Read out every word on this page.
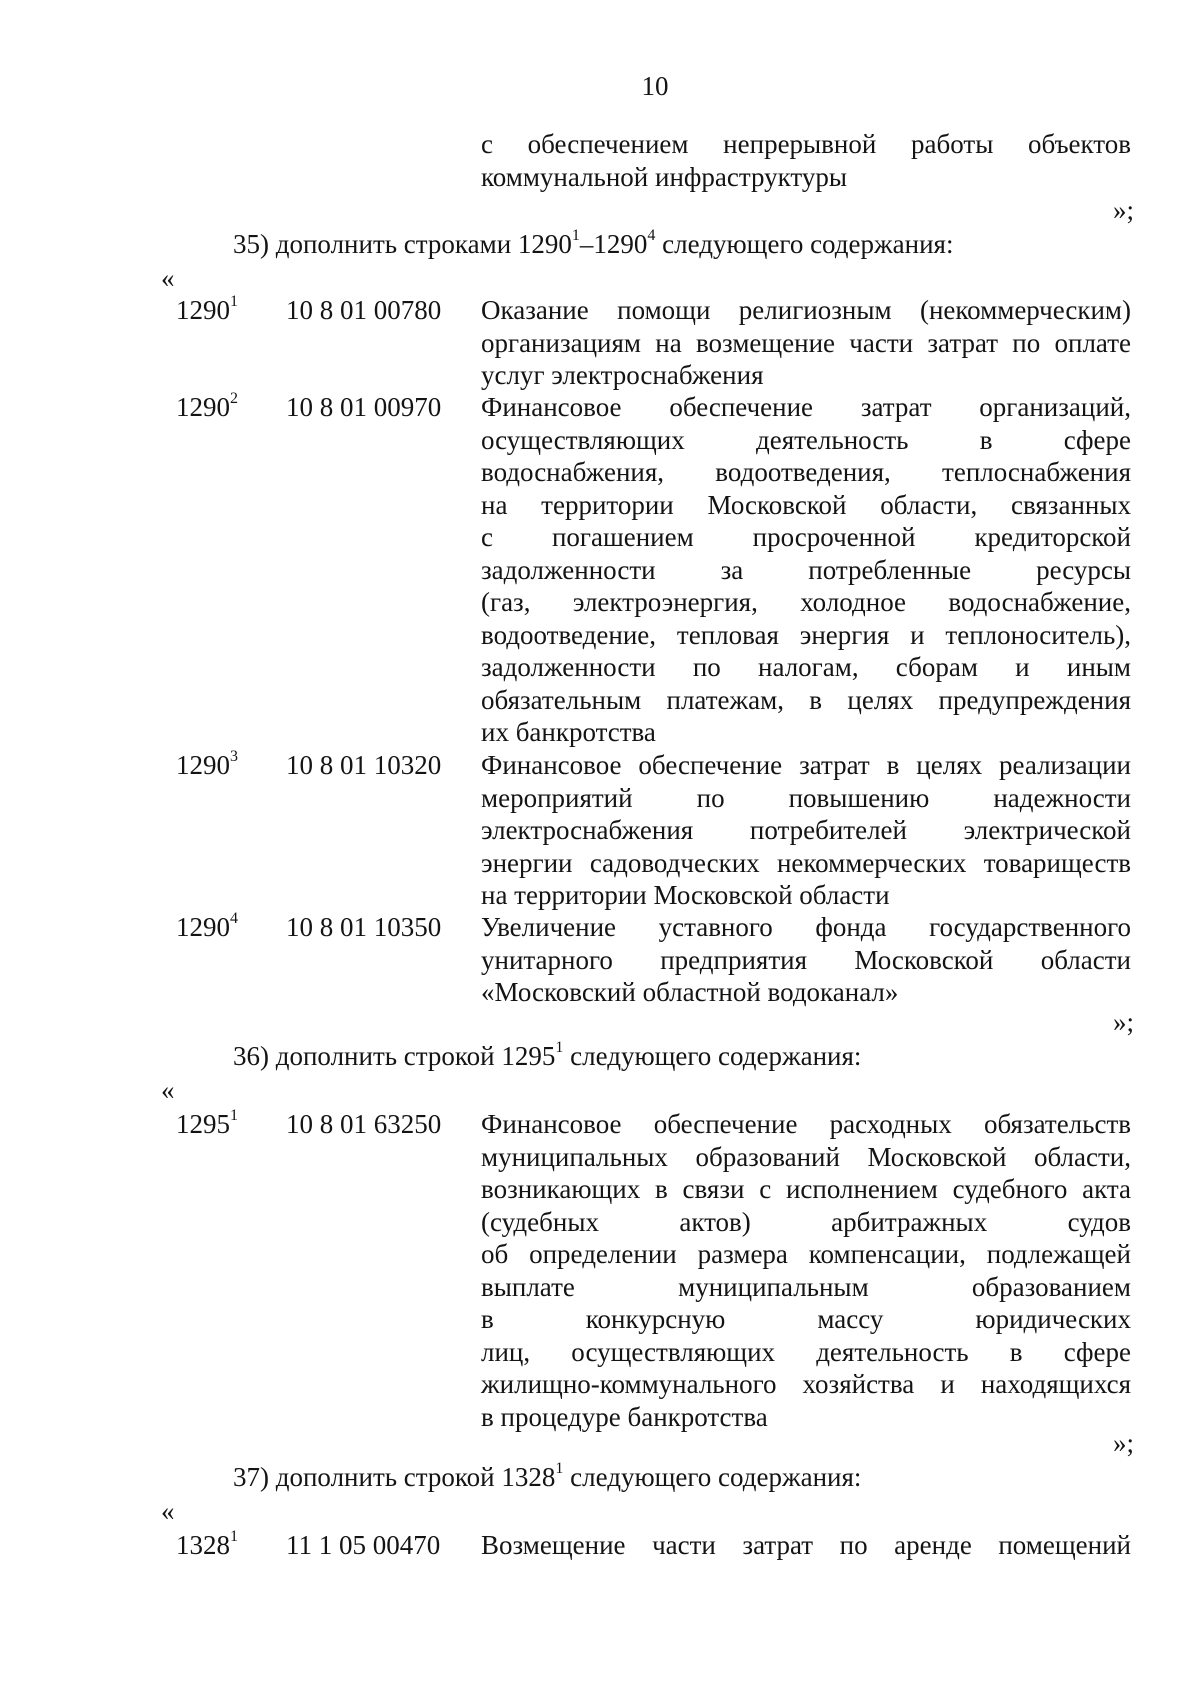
10
с обеспечением непрерывной работы объектов
коммунальной инфраструктуры
»;
35) дополнить строками 1290$^1$–1290$^4$ следующего содержания:
«
1290$^1$	10 8 01 00780	Оказание помощи религиозным (некоммерческим)
организациям на возмещение части затрат по оплате
услуг электроснабжения
1290$^2$	10 8 01 00970	Финансовое обеспечение затрат организаций,
осуществляющих деятельность в сфере
водоснабжения, водоотведения, теплоснабжения
на территории Московской области, связанных
с погашением просроченной кредиторской
задолженности за потребленные ресурсы
(газ, электроэнергия, холодное водоснабжение,
водоотведение, тепловая энергия и теплоноситель),
задолженности по налогам, сборам и иным
обязательным платежам, в целях предупреждения
их банкротства
1290$^3$	10 8 01 10320	Финансовое обеспечение затрат в целях реализации
мероприятий по повышению надежности
электроснабжения потребителей электрической
энергии садоводческих некоммерческих товариществ
на территории Московской области
1290$^4$	10 8 01 10350	Увеличение уставного фонда государственного
унитарного предприятия Московской области
«Московский областной водоканал»
»;
36) дополнить строкой 1295$^1$ следующего содержания:
«
1295$^1$	10 8 01 63250	Финансовое обеспечение расходных обязательств
муниципальных образований Московской области,
возникающих в связи с исполнением судебного акта
(судебных актов) арбитражных судов
об определении размера компенсации, подлежащей
выплате муниципальным образованием
в конкурсную массу юридических
лиц, осуществляющих деятельность в сфере
жилищно-коммунального хозяйства и находящихся
в процедуре банкротства
»;
37) дополнить строкой 1328$^1$ следующего содержания:
«
1328$^1$	11 1 05 00470	Возмещение части затрат по аренде помещений
